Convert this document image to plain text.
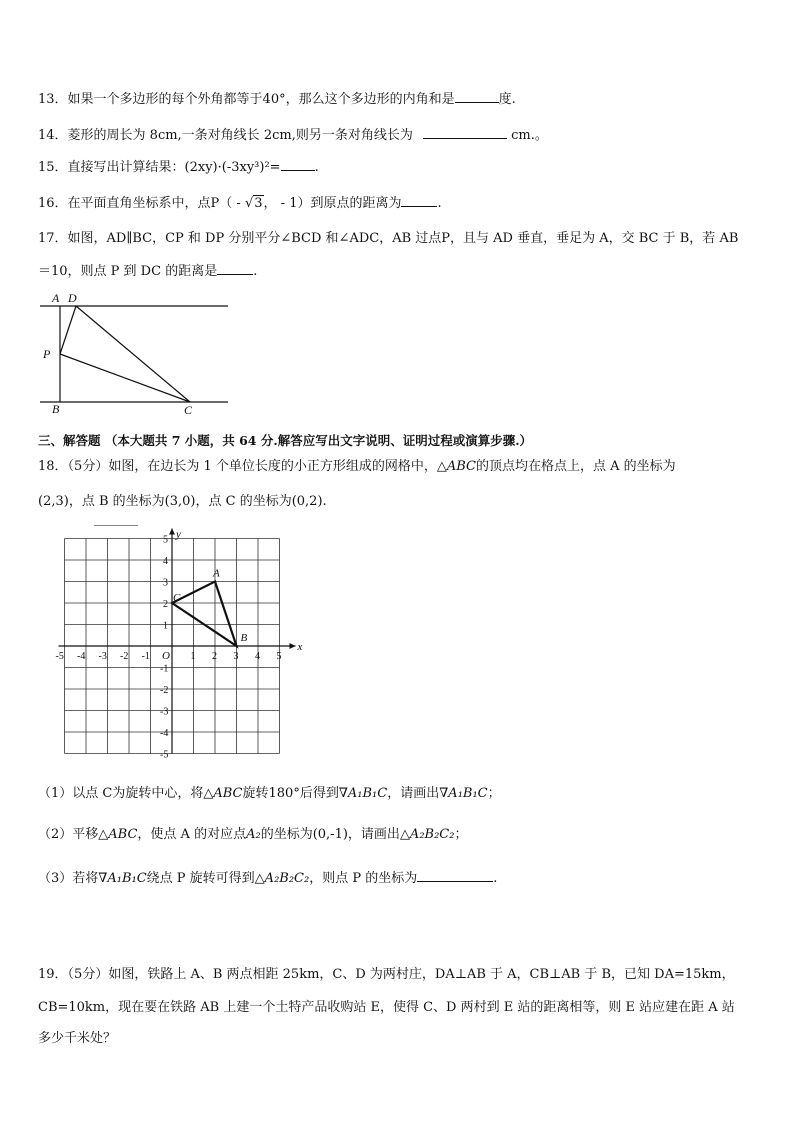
13．如果一个多边形的每个外角都等于40°，那么这个多边形的内角和是	度.
14．菱形的周长为 8cm,一条对角线长 2cm,则另一条对角线长为	cm.。
15．直接写出计算结果：(2xy)·(-3xy³)²=	.
16．在平面直角坐标系中，点P（ - √3， - 1）到原点的距离为	.
17．如图，AD∥BC，CP 和 DP 分别平分∠BCD 和∠ADC，AB 过点P，且与 AD 垂直，垂足为 A，交 BC 于 B，若 AB
＝10，则点 P 到 DC 的距离是	.
A D
P
B	C
三、解答题 （本大题共 7 小题，共 64 分.解答应写出文字说明、证明过程或演算步骤.）
18．（5分）如图，在边长为 1 个单位长度的小正方形组成的网格中，△ABC的顶点均在格点上，点 A 的坐标为
(2,3)，点 B 的坐标为(3,0)，点 C 的坐标为(0,2).
x
y
O
-5 -4 -3 -2 -1	1 2 3 4 5
5
4
3
2
1
-1
-2
-3
-4
-5
A
B
C
（1）以点 C为旋转中心，将△ABC旋转180°后得到∇A₁B₁C，请画出∇A₁B₁C；
（2）平移△ABC，使点 A 的对应点A₂的坐标为(0,-1)，请画出△A₂B₂C₂；
（3）若将∇A₁B₁C绕点 P 旋转可得到△A₂B₂C₂，则点 P 的坐标为	.
19．（5分）如图，铁路上 A、B 两点相距 25km，C、D 为两村庄，DA⊥AB 于 A，CB⊥AB 于 B，已知 DA=15km，
CB=10km，现在要在铁路 AB 上建一个土特产品收购站 E，使得 C、D 两村到 E 站的距离相等，则 E 站应建在距 A 站
多少千米处？
